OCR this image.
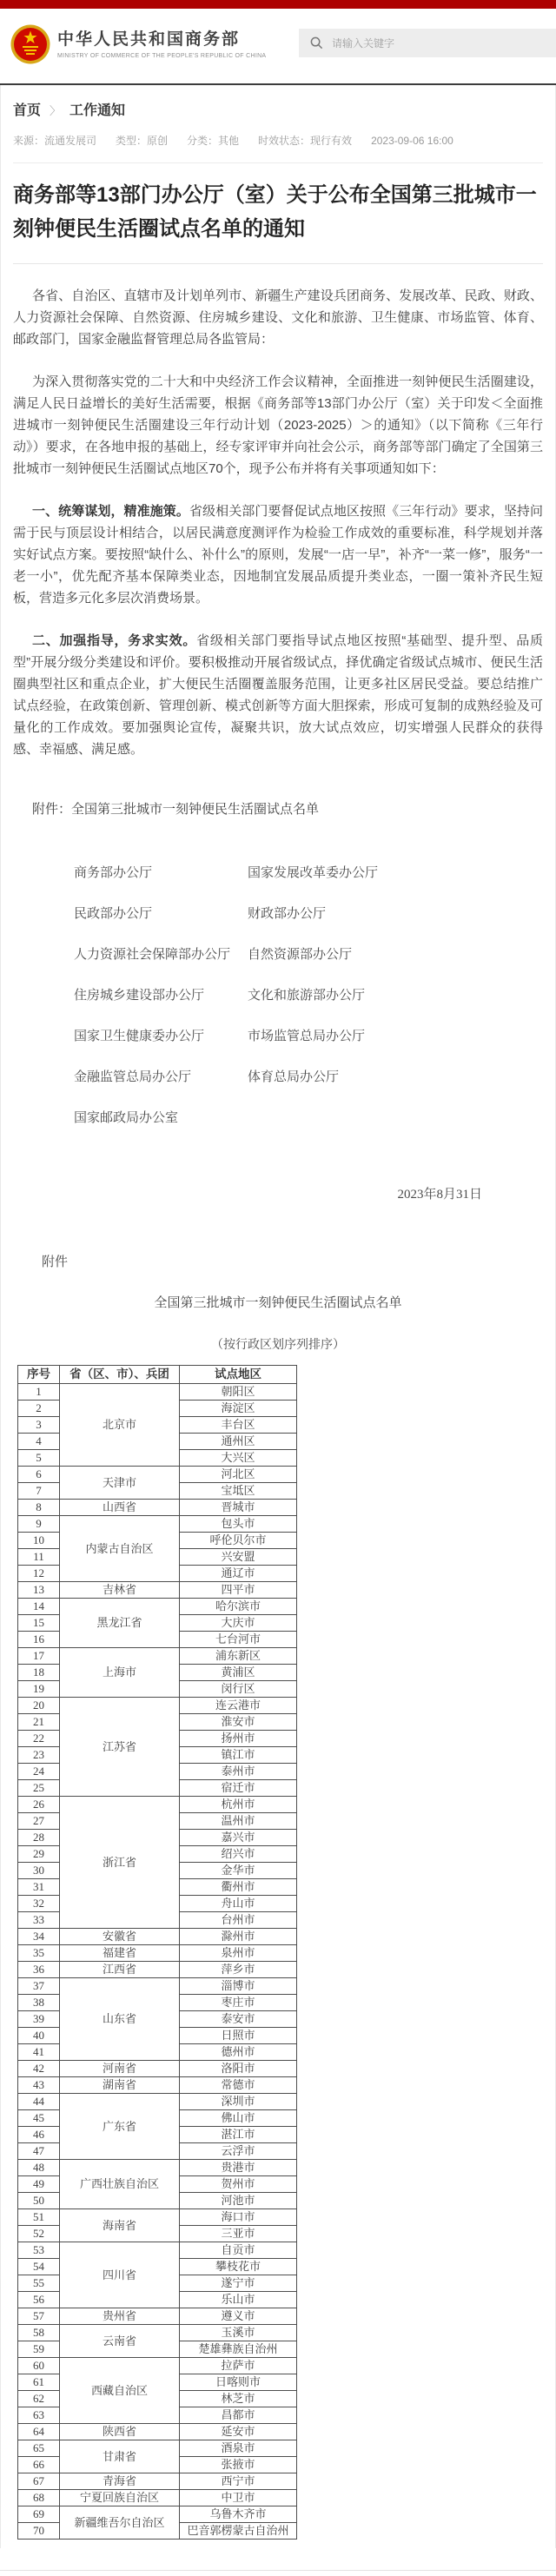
中华人民共和国商务部
MINISTRY OF COMMERCE OF THE PEOPLE'S REPUBLIC OF CHINA
请输入关键字
首页 〉 工作通知
来源：流通发展司 类型：原创 分类：其他 时效状态：现行有效 2023-09-06 16:00
商务部等13部门办公厅（室）关于公布全国第三批城市一刻钟便民生活圈试点名单的通知

各省、自治区、直辖市及计划单列市、新疆生产建设兵团商务、发展改革、民政、财政、人力资源社会保障、自然资源、住房城乡建设、文化和旅游、卫生健康、市场监管、体育、邮政部门，国家金融监督管理总局各监管局：

为深入贯彻落实党的二十大和中央经济工作会议精神，全面推进一刻钟便民生活圈建设，满足人民日益增长的美好生活需要，根据《商务部等13部门办公厅（室）关于印发＜全面推进城市一刻钟便民生活圈建设三年行动计划（2023-2025）＞的通知》（以下简称《三年行动》）要求，在各地申报的基础上，经专家评审并向社会公示，商务部等部门确定了全国第三批城市一刻钟便民生活圈试点地区70个，现予公布并将有关事项通知如下：

一、统筹谋划，精准施策。省级相关部门要督促试点地区按照《三年行动》要求，坚持问需于民与顶层设计相结合，以居民满意度测评作为检验工作成效的重要标准，科学规划并落实好试点方案。要按照“缺什么、补什么”的原则，发展“一店一早”，补齐“一菜一修”，服务“一老一小”，优先配齐基本保障类业态，因地制宜发展品质提升类业态，一圈一策补齐民生短板，营造多元化多层次消费场景。

二、加强指导，务求实效。省级相关部门要指导试点地区按照“基础型、提升型、品质型”开展分级分类建设和评价。要积极推动开展省级试点，择优确定省级试点城市、便民生活圈典型社区和重点企业，扩大便民生活圈覆盖服务范围，让更多社区居民受益。要总结推广试点经验，在政策创新、管理创新、模式创新等方面大胆探索，形成可复制的成熟经验及可量化的工作成效。要加强舆论宣传，凝聚共识，放大试点效应，切实增强人民群众的获得感、幸福感、满足感。

附件：全国第三批城市一刻钟便民生活圈试点名单

商务部办公厅	国家发展改革委办公厅
民政部办公厅	财政部办公厅
人力资源社会保障部办公厅	自然资源部办公厅
住房城乡建设部办公厅	文化和旅游部办公厅
国家卫生健康委办公厅	市场监管总局办公厅
金融监管总局办公厅	体育总局办公厅
国家邮政局办公室
2023年8月31日
附件
全国第三批城市一刻钟便民生活圈试点名单
（按行政区划序列排序）
序号	省（区、市）、兵团	试点地区
1	北京市	朝阳区
2		海淀区
3		丰台区
4		通州区
5		大兴区
6	天津市	河北区
7		宝坻区
8	山西省	晋城市
9	内蒙古自治区	包头市
10		呼伦贝尔市
11		兴安盟
12		通辽市
13	吉林省	四平市
14	黑龙江省	哈尔滨市
15		大庆市
16		七台河市
17	上海市	浦东新区
18		黄浦区
19		闵行区
20	江苏省	连云港市
21		淮安市
22		扬州市
23		镇江市
24		泰州市
25		宿迁市
26	浙江省	杭州市
27		温州市
28		嘉兴市
29		绍兴市
30		金华市
31		衢州市
32		舟山市
33		台州市
34	安徽省	滁州市
35	福建省	泉州市
36	江西省	萍乡市
37	山东省	淄博市
38		枣庄市
39		泰安市
40		日照市
41		德州市
42	河南省	洛阳市
43	湖南省	常德市
44	广东省	深圳市
45		佛山市
46		湛江市
47		云浮市
48	广西壮族自治区	贵港市
49		贺州市
50		河池市
51	海南省	海口市
52		三亚市
53	四川省	自贡市
54		攀枝花市
55		遂宁市
56		乐山市
57	贵州省	遵义市
58	云南省	玉溪市
59		楚雄彝族自治州
60	西藏自治区	拉萨市
61		日喀则市
62		林芝市
63		昌都市
64	陕西省	延安市
65	甘肃省	酒泉市
66		张掖市
67	青海省	西宁市
68	宁夏回族自治区	中卫市
69	新疆维吾尔自治区	乌鲁木齐市
70		巴音郭楞蒙古自治州
